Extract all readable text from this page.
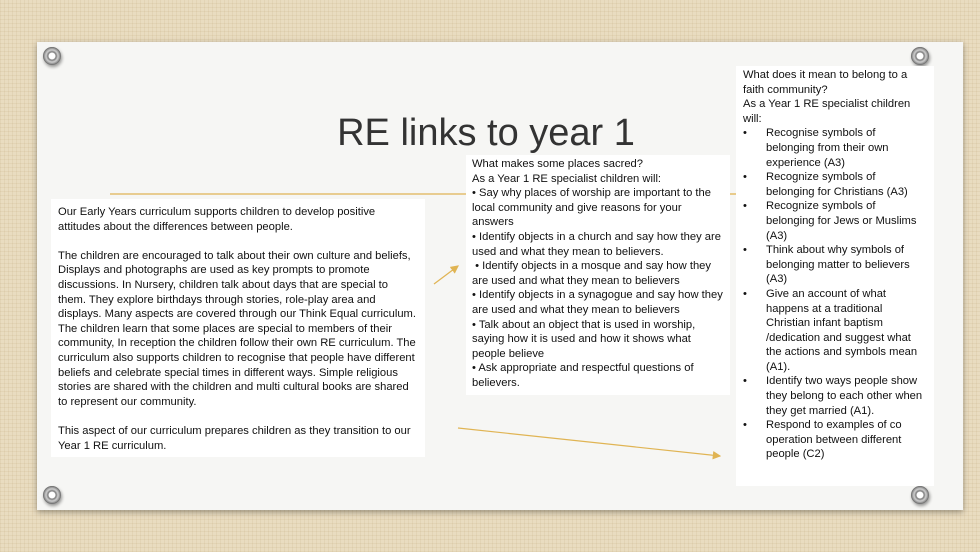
RE links to year 1

Our Early Years curriculum supports children to develop positive attitudes about the differences between people.

The children are encouraged to talk about their own culture and beliefs, Displays and photographs are used as key prompts to promote discussions. In Nursery, children talk about days that are special to them. They explore birthdays through stories, role-play area and displays. Many aspects are covered through our Think Equal curriculum.

The children learn that some places are special to members of their community, In reception the children follow their own RE curriculum. The curriculum also supports children to recognise that people have different beliefs and celebrate special times in different ways. Simple religious stories are shared with the children and multi cultural books are shared to represent our community.

This aspect of our curriculum prepares children as they transition to our Year 1 RE curriculum.

What makes some places sacred?

As a Year 1 RE specialist children will:

• Say why places of worship are important to the local community and give reasons for your answers

• Identify objects in a church and say how they are used and what they mean to believers.

• Identify objects in a mosque and say how they are used and what they mean to believers

• Identify objects in a synagogue and say how they are used and what they mean to believers

• Talk about an object that is used in worship, saying how it is used and how it shows what people believe

• Ask appropriate and respectful questions of believers.

What does it mean to belong to a faith community?

As a Year 1 RE specialist children will:

• Recognise symbols of belonging from their own experience (A3)
• Recognize symbols of belonging for Christians (A3)
• Recognize symbols of belonging for Jews or Muslims (A3)
• Think about why symbols of belonging matter to believers (A3)
• Give an account of what happens at a traditional Christian infant baptism /dedication and suggest what the actions and symbols mean (A1).
• Identify two ways people show they belong to each other when they get married (A1).
• Respond to examples of co operation between different people (C2)
